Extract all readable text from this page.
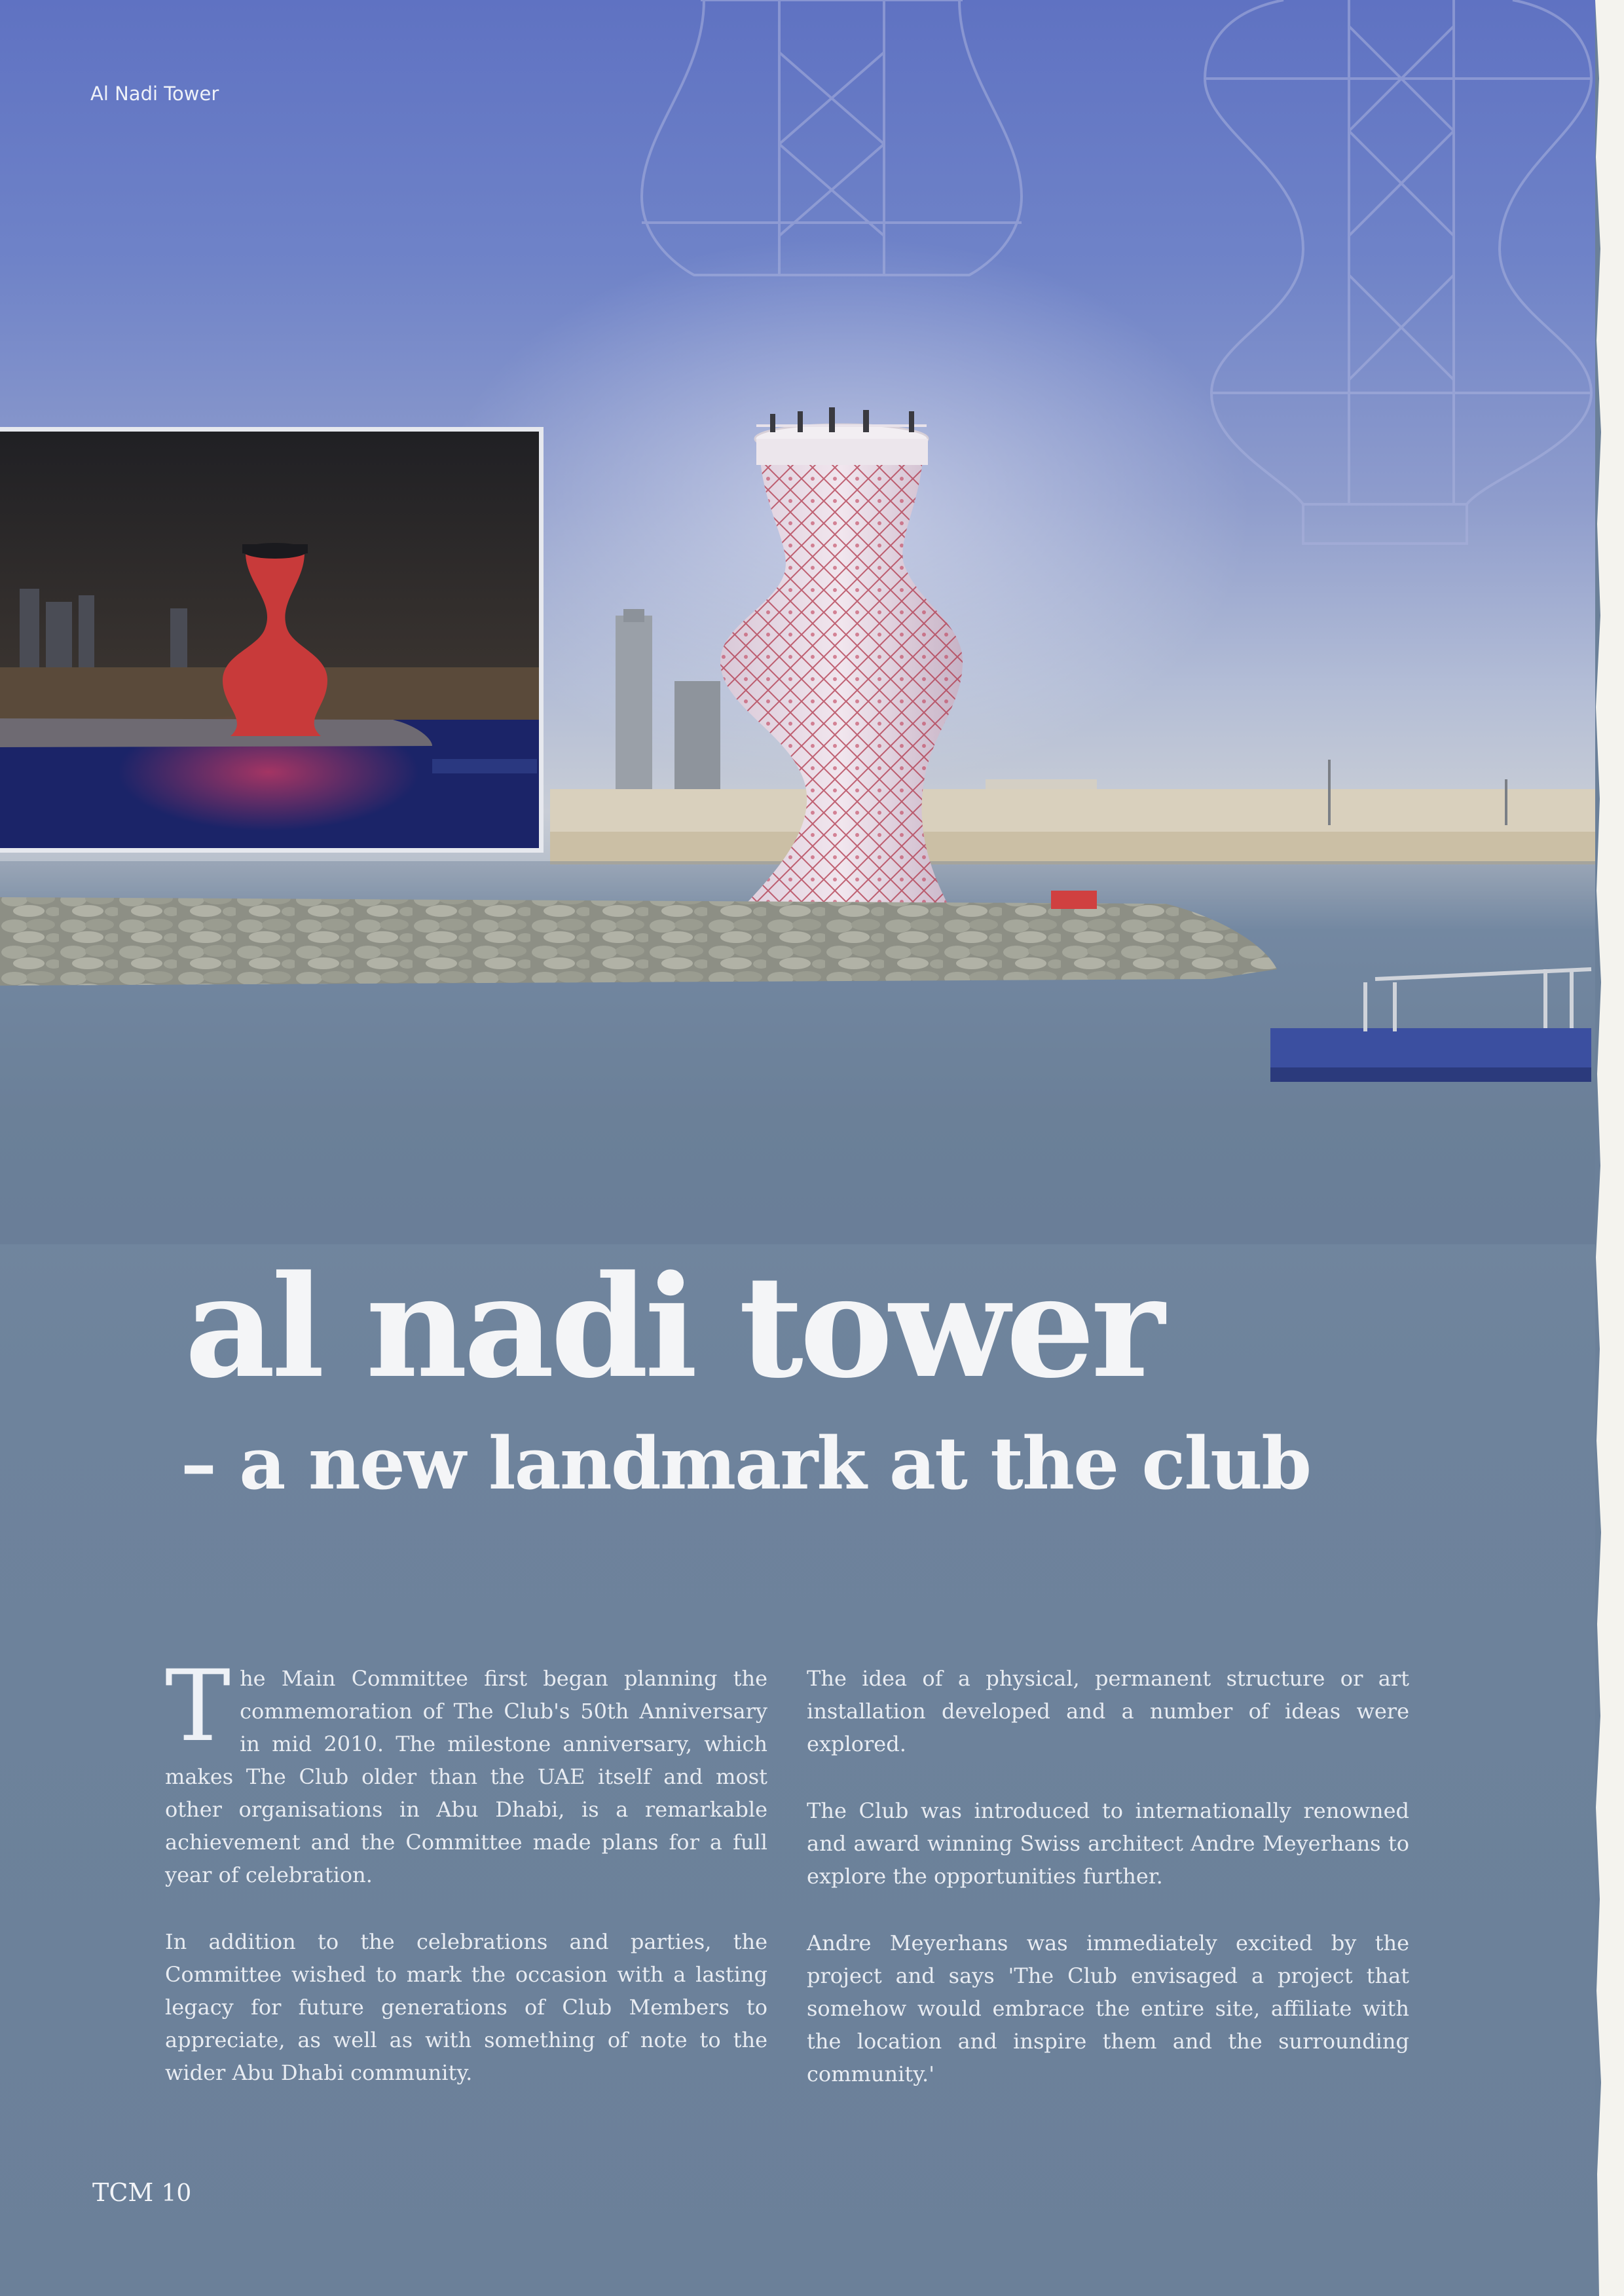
Al Nadi Tower
al nadi tower
– a new landmark at the club

The Main Committee first began planning the commemoration of The Club's 50th Anniversary in mid 2010. The milestone anniversary, which makes The Club older than the UAE itself and most other organisations in Abu Dhabi, is a remarkable achievement and the Committee made plans for a full year of celebration.

In addition to the celebrations and parties, the Committee wished to mark the occasion with a lasting legacy for future generations of Club Members to appreciate, as well as with something of note to the wider Abu Dhabi community.

The idea of a physical, permanent structure or art installation developed and a number of ideas were explored.

The Club was introduced to internationally renowned and award winning Swiss architect Andre Meyerhans to explore the opportunities further.

Andre Meyerhans was immediately excited by the project and says 'The Club envisaged a project that somehow would embrace the entire site, affiliate with the location and inspire them and the surrounding community.'

TCM 10
